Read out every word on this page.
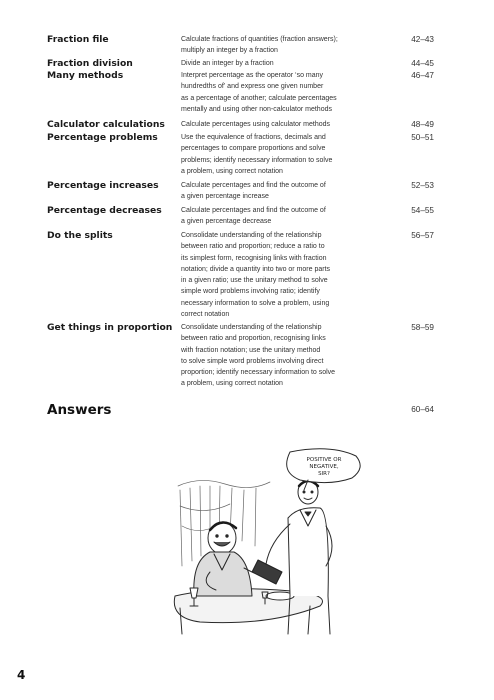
Fraction file	Calculate fractions of quantities (fraction answers);
multiply an integer by a fraction
42–43
Fraction division	Divide an integer by a fraction	44–45
Many methods	Interpret percentage as the operator ‘so many
hundredths of’ and express one given number
as a percentage of another; calculate percentages
mentally and using other non-calculator methods
46–47
Calculator calculations	Calculate percentages using calculator methods	48–49
Percentage problems	Use the equivalence of fractions, decimals and
percentages to compare proportions and solve
problems; identify necessary information to solve
a problem, using correct notation
50–51
Percentage increases	Calculate percentages and find the outcome of
a given percentage increase
52–53
Percentage decreases	Calculate percentages and find the outcome of
a given percentage decrease
54–55
Do the splits	Consolidate understanding of the relationship
between ratio and proportion; reduce a ratio to
its simplest form, recognising links with fraction
notation; divide a quantity into two or more parts
in a given ratio; use the unitary method to solve
simple word problems involving ratio; identify
necessary information to solve a problem, using
correct notation
56–57
Get things in proportion	Consolidate understanding of the relationship
between ratio and proportion, recognising links
with fraction notation; use the unitary method
to solve simple word problems involving direct
proportion; identify necessary information to solve
a problem, using correct notation
58–59
Answers	60–64
POSITIVE OR
NEGATIVE,
SIR?
4
